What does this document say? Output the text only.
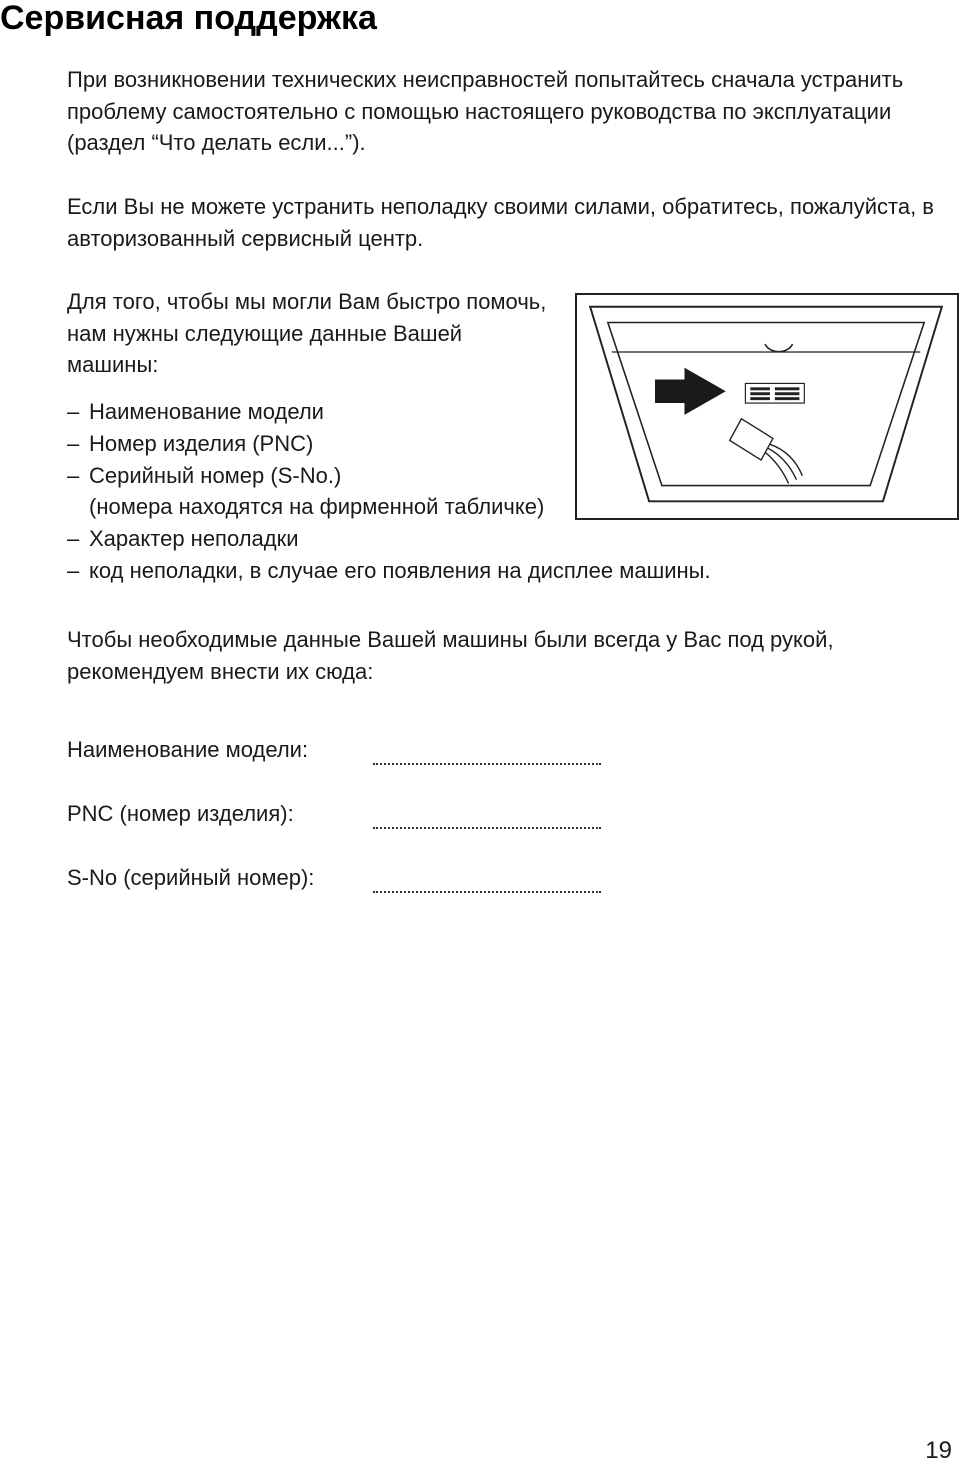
Сервисная поддержка

При возникновении технических неисправностей попытайтесь сначала устранить проблему самостоятельно с помощью настоящего руководства по эксплуатации (раздел “Что делать если...”).

Если Вы не можете устранить неполадку своими силами, обратитесь, пожалуйста, в авторизованный сервисный центр.

Для того, чтобы мы могли Вам быстро помочь, нам нужны следующие данные Вашей машины:

– Наименование модели
– Номер изделия (PNC)
– Серийный номер (S-No.)
(номера находятся на фирменной табличке)
– Характер неполадки
– код неполадки, в случае его появления на дисплее машины.

Чтобы необходимые данные Вашей машины были всегда у Вас под рукой, рекомендуем внести их сюда:

Наименование модели:
PNC (номер изделия):
S-No (серийный номер):
19
